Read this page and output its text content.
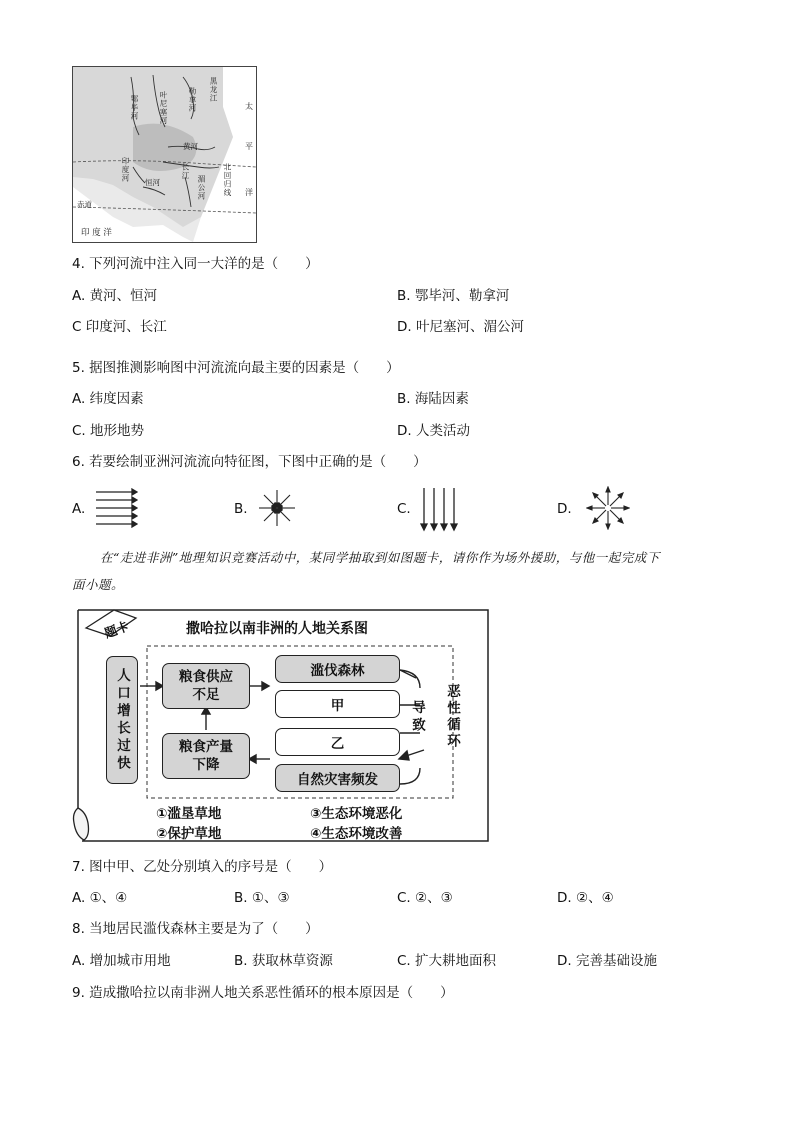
鄂毕河	叶尼塞河	勒拿河 黑龙江
黄河
长江
恒河
印度河
湄公河 北回归线
赤道
太
平
洋
印 度 洋
4. 下列河流中注入同一大洋的是（　　）
A. 黄河、恒河	B. 鄂毕河、勒拿河
C 印度河、长江	D. 叶尼塞河、湄公河
5. 据图推测影响图中河流流向最主要的因素是（　　）
A. 纬度因素	B. 海陆因素
C. 地形地势	D. 人类活动
6. 若要绘制亚洲河流流向特征图，下图中正确的是（　　）
A.	B.	C.	D.
在“走进非洲”地理知识竞赛活动中，某同学抽取到如图题卡，请你作为场外援助，与他一起完成下
面小题。
题卡	撒哈拉以南非洲的人地关系图
人口增长过快	粮食供应
不足
滥伐森林
甲
乙
自然灾害频发
粮食产量
下降
导致 恶性循环
①滥垦草地	③生态环境恶化
②保护草地	④生态环境改善
7. 图中甲、乙处分别填入的序号是（　　）
A. ①、④	B. ①、③	C. ②、③	D. ②、④
8. 当地居民滥伐森林主要是为了（　　）
A. 增加城市用地	B. 获取林草资源	C. 扩大耕地面积	D. 完善基础设施
9. 造成撒哈拉以南非洲人地关系恶性循环的根本原因是（　　）
